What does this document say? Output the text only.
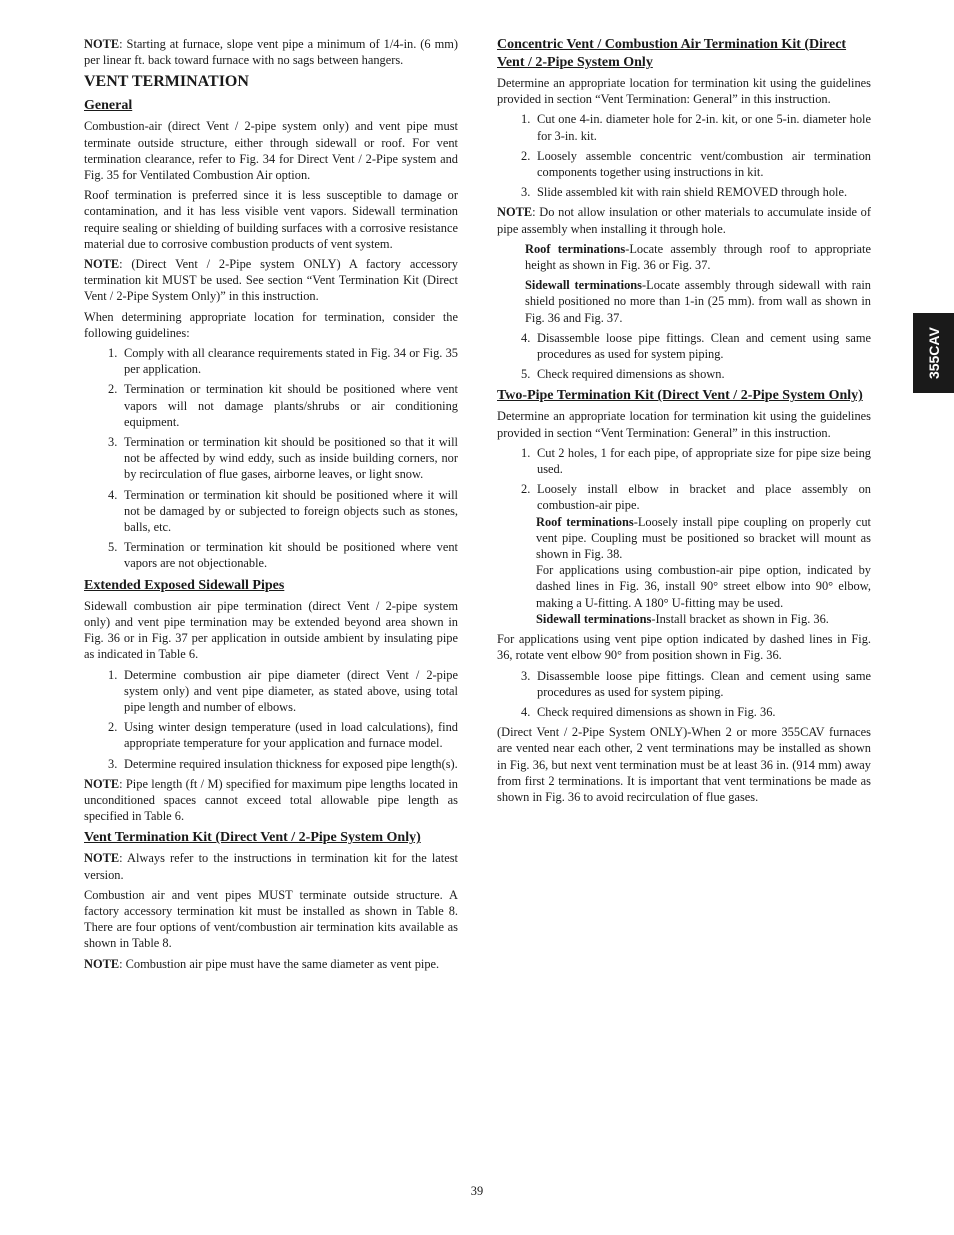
NOTE: Starting at furnace, slope vent pipe a minimum of 1/4-in. (6 mm) per linear ft. back toward furnace with no sags between hangers.

VENT TERMINATION
General

Combustion-air (direct Vent / 2-pipe system only) and vent pipe must terminate outside structure, either through sidewall or roof. For vent termination clearance, refer to Fig. 34 for Direct Vent / 2-Pipe system and Fig. 35 for Ventilated Combustion Air option.

Roof termination is preferred since it is less susceptible to damage or contamination, and it has less visible vent vapors. Sidewall termination require sealing or shielding of building surfaces with a corrosive resistance material due to corrosive combustion products of vent system.

NOTE: (Direct Vent / 2-Pipe system ONLY) A factory accessory termination kit MUST be used. See section “Vent Termination Kit (Direct Vent / 2-Pipe System Only)” in this instruction.

When determining appropriate location for termination, consider the following guidelines:

1. Comply with all clearance requirements stated in Fig. 34 or Fig. 35 per application.
2. Termination or termination kit should be positioned where vent vapors will not damage plants/shrubs or air conditioning equipment.
3. Termination or termination kit should be positioned so that it will not be affected by wind eddy, such as inside building corners, nor by recirculation of flue gases, airborne leaves, or light snow.
4. Termination or termination kit should be positioned where it will not be damaged by or subjected to foreign objects such as stones, balls, etc.
5. Termination or termination kit should be positioned where vent vapors are not objectionable.
Extended Exposed Sidewall Pipes

Sidewall combustion air pipe termination (direct Vent / 2-pipe system only) and vent pipe termination may be extended beyond area shown in Fig. 36 or in Fig. 37 per application in outside ambient by insulating pipe as indicated in Table 6.

1. Determine combustion air pipe diameter (direct Vent / 2-pipe system only) and vent pipe diameter, as stated above, using total pipe length and number of elbows.
2. Using winter design temperature (used in load calculations), find appropriate temperature for your application and furnace model.
3. Determine required insulation thickness for exposed pipe length(s).

NOTE: Pipe length (ft / M) specified for maximum pipe lengths located in unconditioned spaces cannot exceed total allowable pipe length as specified in Table 6.

Vent Termination Kit (Direct Vent / 2-Pipe System Only)

NOTE: Always refer to the instructions in termination kit for the latest version.

Combustion air and vent pipes MUST terminate outside structure. A factory accessory termination kit must be installed as shown in Table 8. There are four options of vent/combustion air termination kits available as shown in Table 8.

NOTE: Combustion air pipe must have the same diameter as vent pipe.

Concentric Vent / Combustion Air Termination Kit (Direct Vent / 2-Pipe System Only

Determine an appropriate location for termination kit using the guidelines provided in section “Vent Termination: General” in this instruction.

1. Cut one 4-in. diameter hole for 2-in. kit, or one 5-in. diameter hole for 3-in. kit.
2. Loosely assemble concentric vent/combustion air termination components together using instructions in kit.
3. Slide assembled kit with rain shield REMOVED through hole.

NOTE: Do not allow insulation or other materials to accumulate inside of pipe assembly when installing it through hole.

Roof terminations-Locate assembly through roof to appropriate height as shown in Fig. 36 or Fig. 37.

Sidewall terminations-Locate assembly through sidewall with rain shield positioned no more than 1-in (25 mm). from wall as shown in Fig. 36 and Fig. 37.

4. Disassemble loose pipe fittings. Clean and cement using same procedures as used for system piping.
5. Check required dimensions as shown.
Two-Pipe Termination Kit (Direct Vent / 2-Pipe System Only)

Determine an appropriate location for termination kit using the guidelines provided in section “Vent Termination: General” in this instruction.

1. Cut 2 holes, 1 for each pipe, of appropriate size for pipe size being used.
2. Loosely install elbow in bracket and place assembly on combustion-air pipe.

Roof terminations-Loosely install pipe coupling on properly cut vent pipe. Coupling must be positioned so bracket will mount as shown in Fig. 38.

For applications using combustion-air pipe option, indicated by dashed lines in Fig. 36, install 90° street elbow into 90° elbow, making a U-fitting. A 180° U-fitting may be used.

Sidewall terminations-Install bracket as shown in Fig. 36.

For applications using vent pipe option indicated by dashed lines in Fig. 36, rotate vent elbow 90° from position shown in Fig. 36.

3. Disassemble loose pipe fittings. Clean and cement using same procedures as used for system piping.
4. Check required dimensions as shown in Fig. 36.

(Direct Vent / 2-Pipe System ONLY)-When 2 or more 355CAV furnaces are vented near each other, 2 vent terminations may be installed as shown in Fig. 36, but next vent termination must be at least 36 in. (914 mm) away from first 2 terminations. It is important that vent terminations be made as shown in Fig. 36 to avoid recirculation of flue gases.

355CAV
39
